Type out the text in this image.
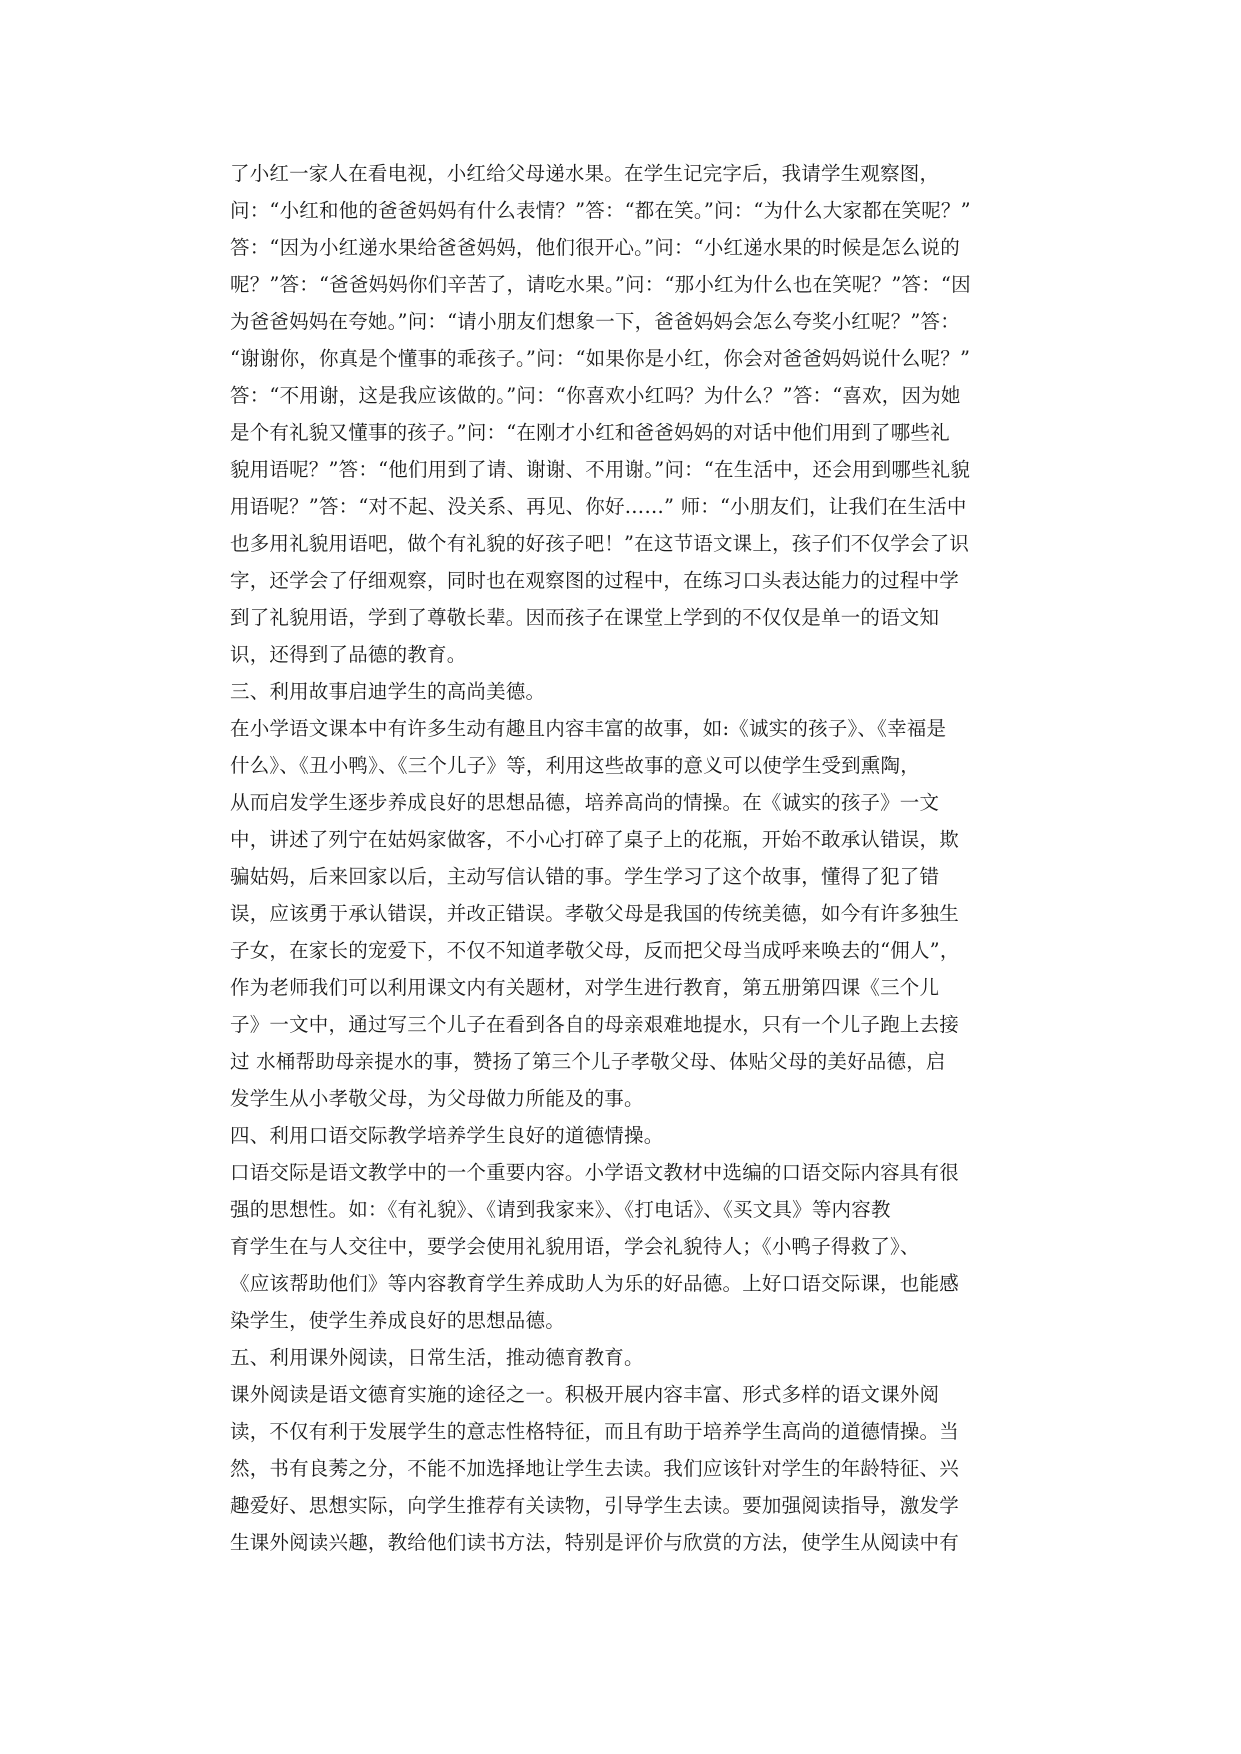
了小红一家人在看电视，小红给父母递水果。在学生记完字后，我请学生观察图，
问：“小红和他的爸爸妈妈有什么表情？”答：“都在笑。”问：“为什么大家都在笑呢？”
答：“因为小红递水果给爸爸妈妈，他们很开心。”问：“小红递水果的时候是怎么说的
呢？”答：“爸爸妈妈你们辛苦了，请吃水果。”问：“那小红为什么也在笑呢？”答：“因
为爸爸妈妈在夸她。”问：“请小朋友们想象一下，爸爸妈妈会怎么夸奖小红呢？”答：
“谢谢你，你真是个懂事的乖孩子。”问：“如果你是小红，你会对爸爸妈妈说什么呢？”
答：“不用谢，这是我应该做的。”问：“你喜欢小红吗？为什么？”答：“喜欢，因为她
是个有礼貌又懂事的孩子。”问：“在刚才小红和爸爸妈妈的对话中他们用到了哪些礼
貌用语呢？”答：“他们用到了请、谢谢、不用谢。”问：“在生活中，还会用到哪些礼貌
用语呢？”答：“对不起、没关系、再见、你好……” 师：“小朋友们，让我们在生活中
也多用礼貌用语吧，做个有礼貌的好孩子吧！”在这节语文课上，孩子们不仅学会了识
字，还学会了仔细观察，同时也在观察图的过程中，在练习口头表达能力的过程中学
到了礼貌用语，学到了尊敬长辈。因而孩子在课堂上学到的不仅仅是单一的语文知
识，还得到了品德的教育。
三、利用故事启迪学生的高尚美德。
在小学语文课本中有许多生动有趣且内容丰富的故事，如:《诚实的孩子》、《幸福是
什么》、《丑小鸭》、《三个儿子》等，利用这些故事的意义可以使学生受到熏陶，
从而启发学生逐步养成良好的思想品德，培养高尚的情操。在《诚实的孩子》一文
中，讲述了列宁在姑妈家做客，不小心打碎了桌子上的花瓶，开始不敢承认错误，欺
骗姑妈，后来回家以后，主动写信认错的事。学生学习了这个故事，懂得了犯了错
误，应该勇于承认错误，并改正错误。孝敬父母是我国的传统美德，如今有许多独生
子女，在家长的宠爱下，不仅不知道孝敬父母，反而把父母当成呼来唤去的“佣人”，
作为老师我们可以利用课文内有关题材，对学生进行教育，第五册第四课《三个儿
子》一文中，通过写三个儿子在看到各自的母亲艰难地提水，只有一个儿子跑上去接
过 水桶帮助母亲提水的事，赞扬了第三个儿子孝敬父母、体贴父母的美好品德，启
发学生从小孝敬父母，为父母做力所能及的事。
四、利用口语交际教学培养学生良好的道德情操。
口语交际是语文教学中的一个重要内容。小学语文教材中选编的口语交际内容具有很
强的思想性。如：《有礼貌》、《请到我家来》、《打电话》、《买文具》等内容教
育学生在与人交往中，要学会使用礼貌用语，学会礼貌待人；《小鸭子得救了》、
《应该帮助他们》等内容教育学生养成助人为乐的好品德。上好口语交际课，也能感
染学生，使学生养成良好的思想品德。
五、利用课外阅读，日常生活，推动德育教育。
课外阅读是语文德育实施的途径之一。积极开展内容丰富、形式多样的语文课外阅
读，不仅有利于发展学生的意志性格特征，而且有助于培养学生高尚的道德情操。当
然，书有良莠之分，不能不加选择地让学生去读。我们应该针对学生的年龄特征、兴
趣爱好、思想实际，向学生推荐有关读物，引导学生去读。要加强阅读指导，激发学
生课外阅读兴趣，教给他们读书方法，特别是评价与欣赏的方法，使学生从阅读中有
